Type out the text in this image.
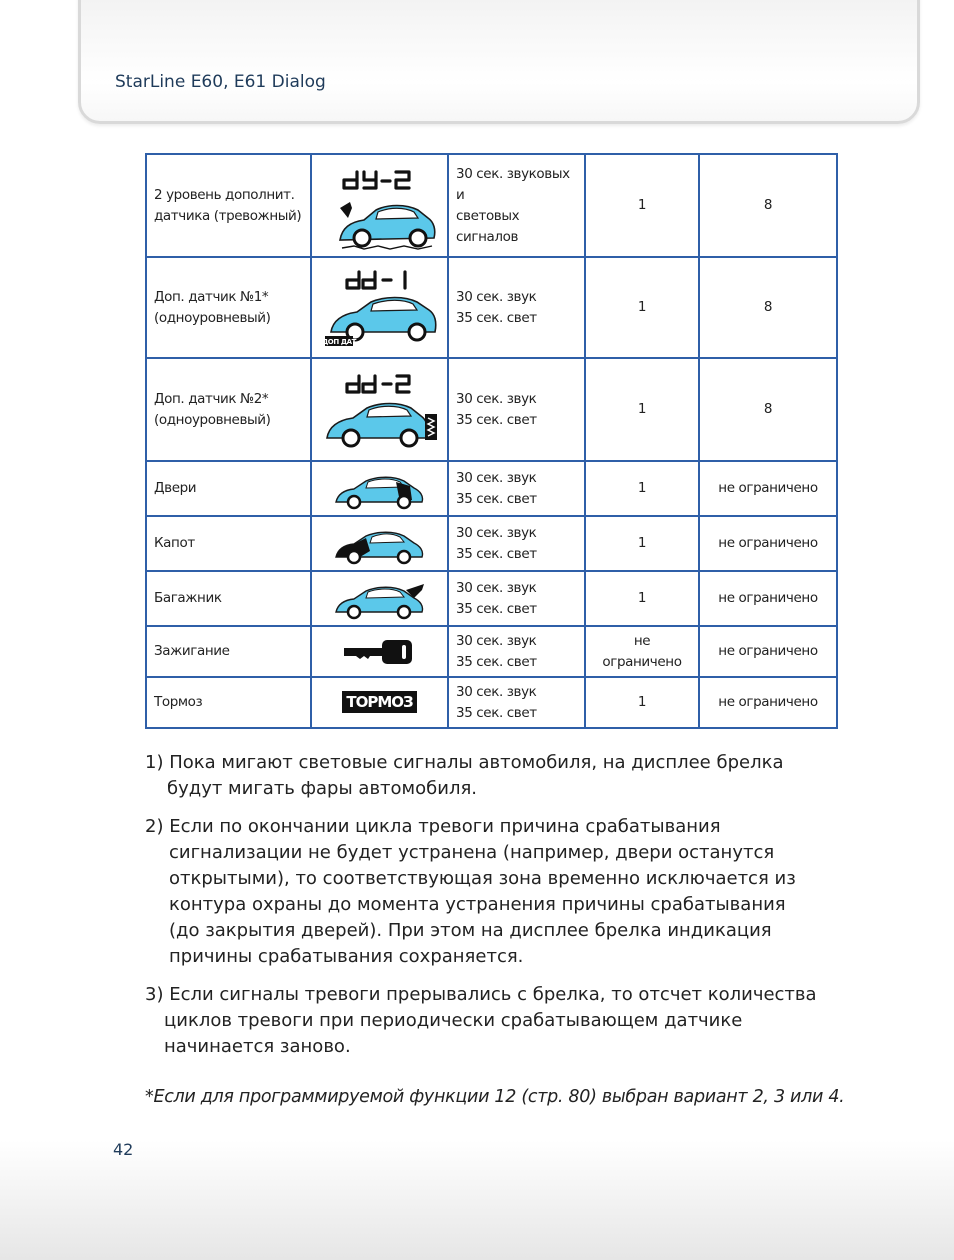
StarLine E60, E61 Dialog
2 уровень дополнит. датчика (тревожный)		30 сек. звуковых и
световых сигналов	1	8
Доп. датчик №1* (одноуровневый)	ДОП ДАТ	30 сек. звук
35 сек. свет	1	8
Доп. датчик №2* (одноуровневый)		30 сек. звук
35 сек. свет	1	8
Двери		30 сек. звук
35 сек. свет	1	не ограничено
Капот		30 сек. звук
35 сек. свет	1	не ограничено
Багажник		30 сек. звук
35 сек. свет	1	не ограничено
Зажигание		30 сек. звук
35 сек. свет	не ограничено	не ограничено
Тормоз	ТОРМОЗ	30 сек. звук
35 сек. свет	1	не ограничено
1) Пока мигают световые сигналы автомобиля, на дисплее брелка
будут мигать фары автомобиля.
2) Если по окончании цикла тревоги причина срабатывания
сигнализации не будет устранена (например, двери останутся
открытыми), то соответствующая зона временно исключается из
контура охраны до момента устранения причины срабатывания
(до закрытия дверей). При этом на дисплее брелка индикация
причины срабатывания сохраняется.
3) Если сигналы тревоги прерывались с брелка, то отсчет количества
циклов тревоги при периодически срабатывающем датчике
начинается заново.
*Если для программируемой функции 12 (стр. 80) выбран вариант 2, 3 или 4.
42
